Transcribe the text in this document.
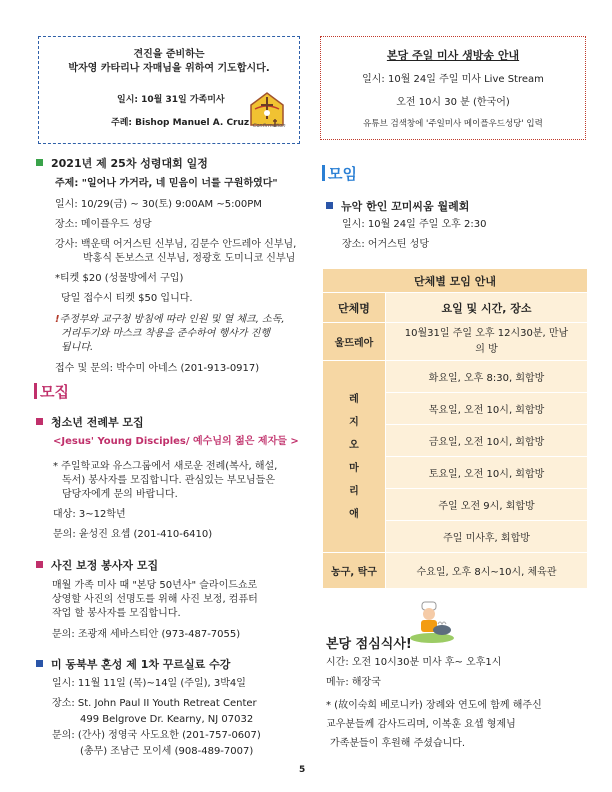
견진을 준비하는
박자영 카타리나 자매님을 위하여 기도합시다.
일시: 10월 31일 가족미사
주례: Bishop Manuel A. Cruz Confirmation
본당 주일 미사 생방송 안내
일시: 10월 24일 주일 미사 Live Stream
오전 10시 30 분 (한국어)
유튜브 검색창에 '주일미사 메이플우드성당' 입력
2021년 제 25차 성령대회 일정
주제: "일어나 가거라, 네 믿음이 너를 구원하였다"
일시: 10/29(금) ~ 30(토) 9:00AM ~5:00PM
장소: 메이플우드 성당
강사: 백운택 어거스틴 신부님, 김문수 안드레아 신부님,
박홍식 돈보스코 신부님, 정광호 도미니코 신부님
*티켓 $20 (성물방에서 구입)
당일 접수시 티켓 $50 입니다.
!주정부와 교구청 방침에 따라 인원 및 열 체크, 소독,
거리두기와 마스크 착용을 준수하여 행사가 진행
됩니다.
접수 및 문의: 박수미 아네스 (201-913-0917)
모집
청소년 전례부 모집
<Jesus' Young Disciples/ 예수님의 젊은 제자들 >
* 주일학교와 유스그룹에서 새로운 전례(복사, 해설,
독서) 봉사자를 모집합니다. 관심있는 부모님들은
담당자에게 문의 바랍니다.
대상: 3~12학년
문의: 윤성진 요셉 (201-410-6410)
사진 보정 봉사자 모집
매월 가족 미사 때 "본당 50년사" 슬라이드쇼로
상영할 사진의 선명도를 위해 사진 보정, 컴퓨터
작업 할 봉사자를 모집합니다.
문의: 조광재 세바스티안 (973-487-7055)
미 동북부 혼성 제 1차 꾸르실료 수강
일시: 11월 11일 (목)~14일 (주일), 3박4일
장소: St. John Paul II Youth Retreat Center
499 Belgrove Dr. Kearny, NJ 07032
문의: (간사) 정영국 사도요한 (201-757-0607)
(총무) 조남근 모이세 (908-489-7007)
모임
뉴악 한인 꼬미씨움 월례회
일시: 10월 24일 주일 오후 2:30
장소: 어거스틴 성당
단체별 모임 안내	
단체명	요일 및 시간, 장소
울뜨레아	10월31일 주일 오후 12시30분, 만남의 방

레 지 오 마 리 애	화요일, 오후 8:30, 회합방
	목요일, 오전 10시, 회합방
	금요일, 오전 10시, 회합방
	토요일, 오전 10시, 회합방
	주일 오전 9시, 회합방
	주일 미사후, 회합방
농구, 탁구	수요일, 오후 8시~10시, 체육관
본당 점심식사!
시간: 오전 10시30분 미사 후~ 오후1시
메뉴: 해장국
* (故이숙희 베로니카) 장례와 연도에 함께 해주신
교우분들께 감사드리며, 이복훈 요셉 형제님
가족분들이 후원해 주셨습니다.
5
